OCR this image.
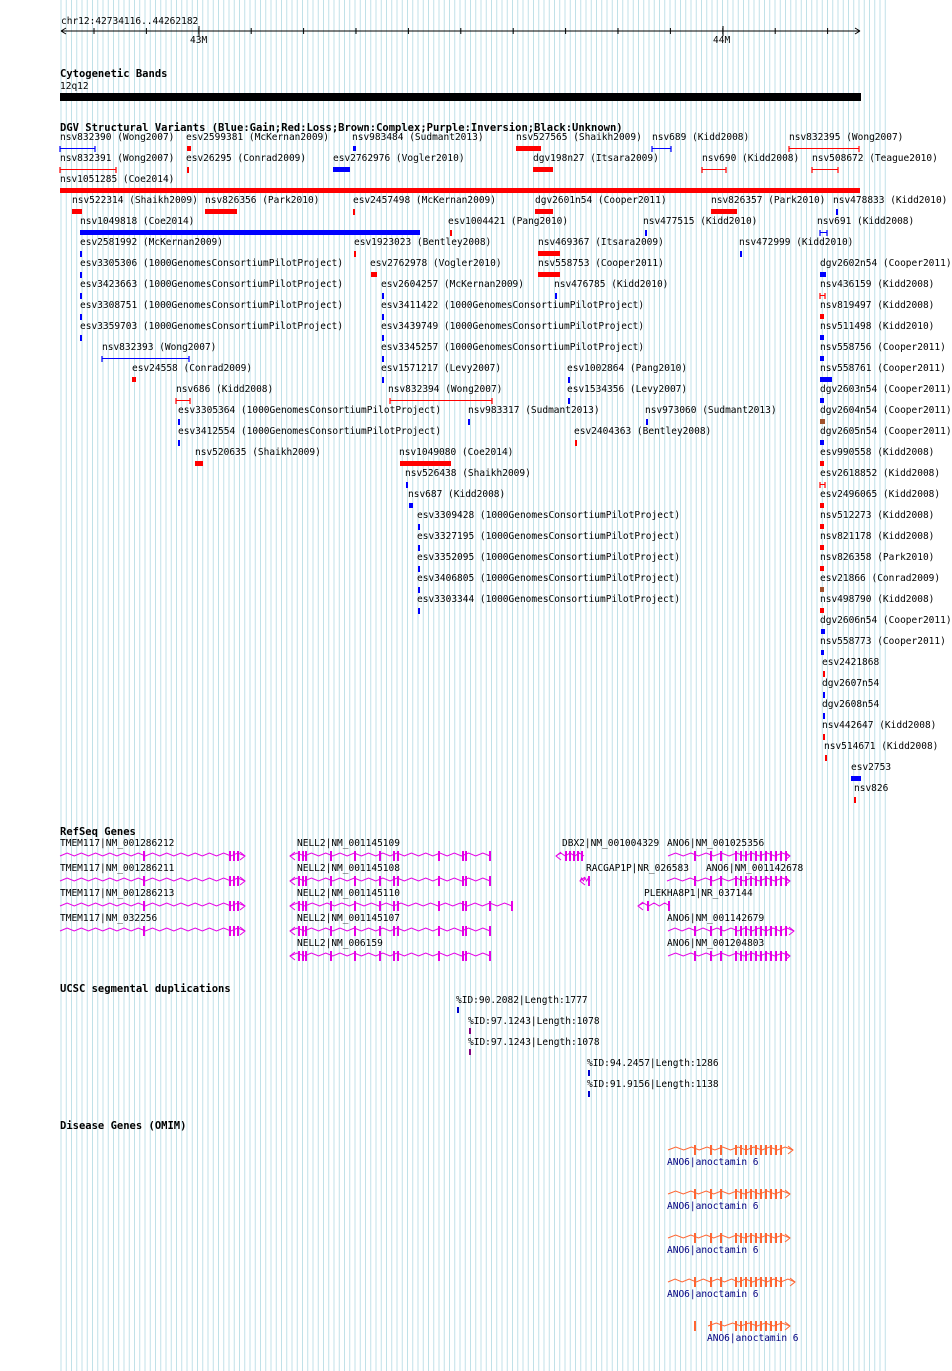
chr12:42734116..44262182
43M	44M
Cytogenetic Bands
12q12
DGV Structural Variants (Blue:Gain;Red:Loss;Brown:Complex;Purple:Inversion;Black:Unknown)
RefSeq Genes
UCSC segmental duplications
Disease Genes (OMIM)
nsv832390 (Wong2007) esv2599381 (McKernan2009) nsv983484 (Sudmant2013)	nsv527565 (Shaikh2009) nsv689 (Kidd2008)	nsv832395 (Wong2007)
nsv832391 (Wong2007) esv26295 (Conrad2009)	esv2762976 (Vogler2010)	dgv198n27 (Itsara2009)	nsv690 (Kidd2008) nsv508672 (Teague2010)
nsv1051285 (Coe2014)
nsv522314 (Shaikh2009) nsv826356 (Park2010)	esv2457498 (McKernan2009)	dgv2601n54 (Cooper2011)	nsv826357 (Park2010) nsv478833 (Kidd2010)
nsv1049818 (Coe2014)	esv1004421 (Pang2010)	nsv477515 (Kidd2010)	nsv691 (Kidd2008)
esv2581992 (McKernan2009)	esv1923023 (Bentley2008)	nsv469367 (Itsara2009)	nsv472999 (Kidd2010)
esv3305306 (1000GenomesConsortiumPilotProject)	esv2762978 (Vogler2010)	nsv558753 (Cooper2011)	dgv2602n54 (Cooper2011)
esv3423663 (1000GenomesConsortiumPilotProject)	esv2604257 (McKernan2009)	nsv476785 (Kidd2010)	nsv436159 (Kidd2008)
esv3308751 (1000GenomesConsortiumPilotProject)	esv3411422 (1000GenomesConsortiumPilotProject)	nsv819497 (Kidd2008)
esv3359703 (1000GenomesConsortiumPilotProject)	esv3439749 (1000GenomesConsortiumPilotProject)	nsv511498 (Kidd2010)
nsv832393 (Wong2007)	esv3345257 (1000GenomesConsortiumPilotProject)	nsv558756 (Cooper2011)
esv24558 (Conrad2009)	esv1571217 (Levy2007)	esv1002864 (Pang2010)	nsv558761 (Cooper2011)
nsv686 (Kidd2008)	nsv832394 (Wong2007)	esv1534356 (Levy2007)	dgv2603n54 (Cooper2011)
esv3305364 (1000GenomesConsortiumPilotProject)	nsv983317 (Sudmant2013)	nsv973060 (Sudmant2013)	dgv2604n54 (Cooper2011)
esv3412554 (1000GenomesConsortiumPilotProject)	esv2404363 (Bentley2008)	dgv2605n54 (Cooper2011)
nsv520635 (Shaikh2009)	nsv1049080 (Coe2014)	esv990558 (Kidd2008)
nsv526438 (Shaikh2009)	esv2618852 (Kidd2008)
nsv687 (Kidd2008)	esv2496065 (Kidd2008)
esv3309428 (1000GenomesConsortiumPilotProject)	nsv512273 (Kidd2008)
esv3327195 (1000GenomesConsortiumPilotProject)	nsv821178 (Kidd2008)
esv3352095 (1000GenomesConsortiumPilotProject)	nsv826358 (Park2010)
esv3406805 (1000GenomesConsortiumPilotProject)	esv21866 (Conrad2009)
esv3303344 (1000GenomesConsortiumPilotProject)	nsv498790 (Kidd2008)
dgv2606n54 (Cooper2011)
nsv558773 (Cooper2011)
esv2421868
dgv2607n54
dgv2608n54
nsv442647 (Kidd2008)
nsv514671 (Kidd2008)
esv2753
nsv826
TMEM117|NM_001286212
TMEM117|NM_001286211
TMEM117|NM_001286213
TMEM117|NM_032256
NELL2|NM_001145109
NELL2|NM_001145108
NELL2|NM_001145110
NELL2|NM_001145107
NELL2|NM_006159
DBX2|NM_001004329
RACGAP1P|NR_026583
PLEKHA8P1|NR_037144
ANO6|NM_001025356
ANO6|NM_001142678
ANO6|NM_001142679
ANO6|NM_001204803
%ID:90.2082|Length:1777
%ID:97.1243|Length:1078
%ID:97.1243|Length:1078
%ID:94.2457|Length:1286
%ID:91.9156|Length:1138
ANO6|anoctamin 6
ANO6|anoctamin 6
ANO6|anoctamin 6
ANO6|anoctamin 6
ANO6|anoctamin 6
